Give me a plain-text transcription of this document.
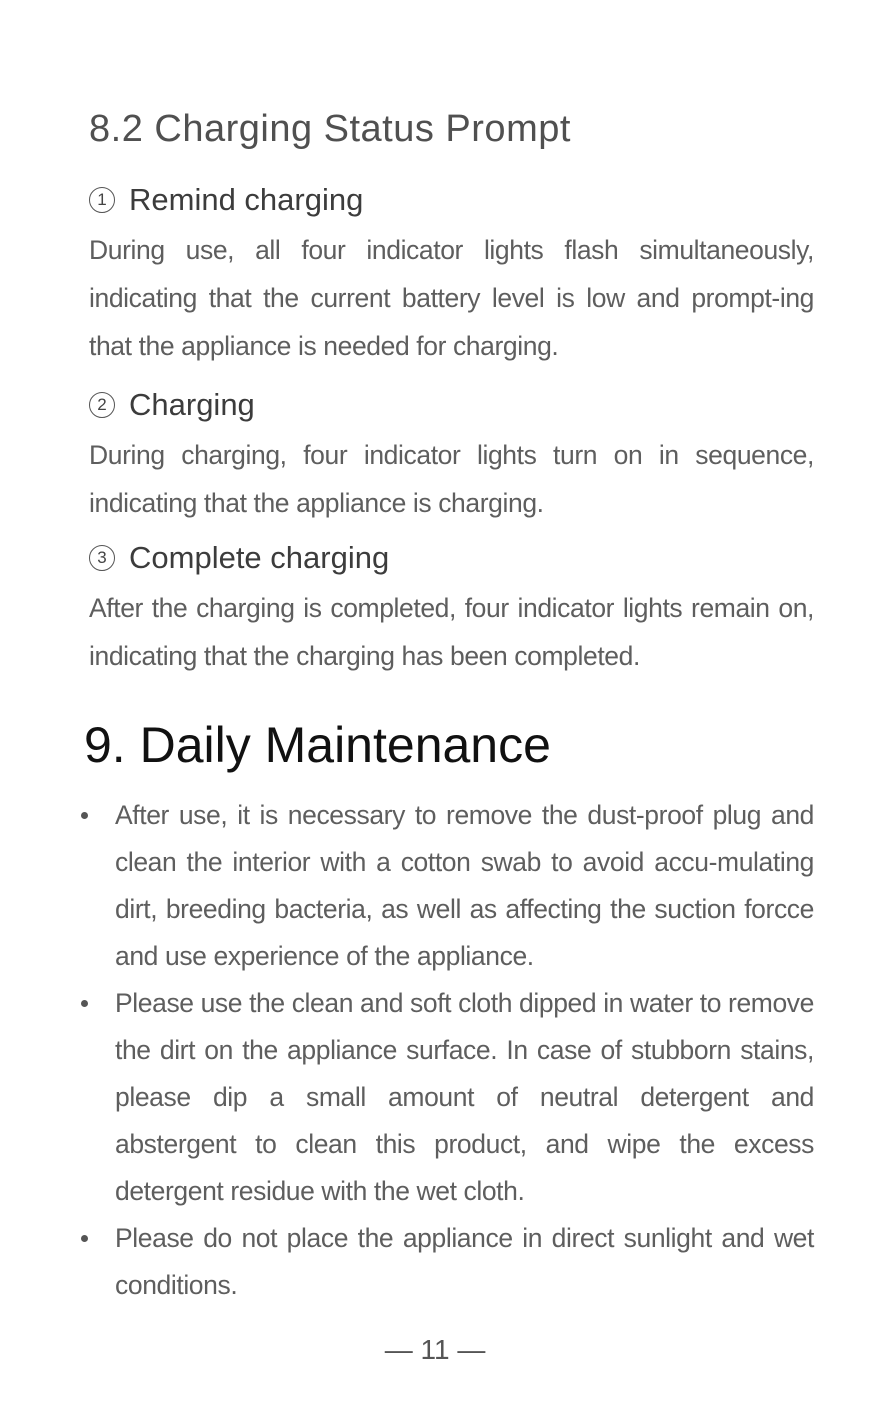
8.2 Charging Status Prompt
1 Remind charging

During use, all four indicator lights flash simultaneously, indicating that the current battery level is low and prompt-ing that the appliance is needed for charging.

2 Charging

During charging, four indicator lights turn on in sequence, indicating that the appliance is charging.

3 Complete charging

After the charging is completed, four indicator lights remain on, indicating that the charging has been completed.

9. Daily Maintenance
After use, it is necessary to remove the dust-proof plug and clean the interior with a cotton swab to avoid accu-mulating dirt, breeding bacteria, as well as affecting the suction forcce and use experience of the appliance.
Please use the clean and soft cloth dipped in water to remove the dirt on the appliance surface. In case of stubborn stains, please dip a small amount of neutral detergent and abstergent to clean this product, and wipe the excess detergent residue with the wet cloth.
Please do not place the appliance in direct sunlight and wet conditions.
— 11 —
